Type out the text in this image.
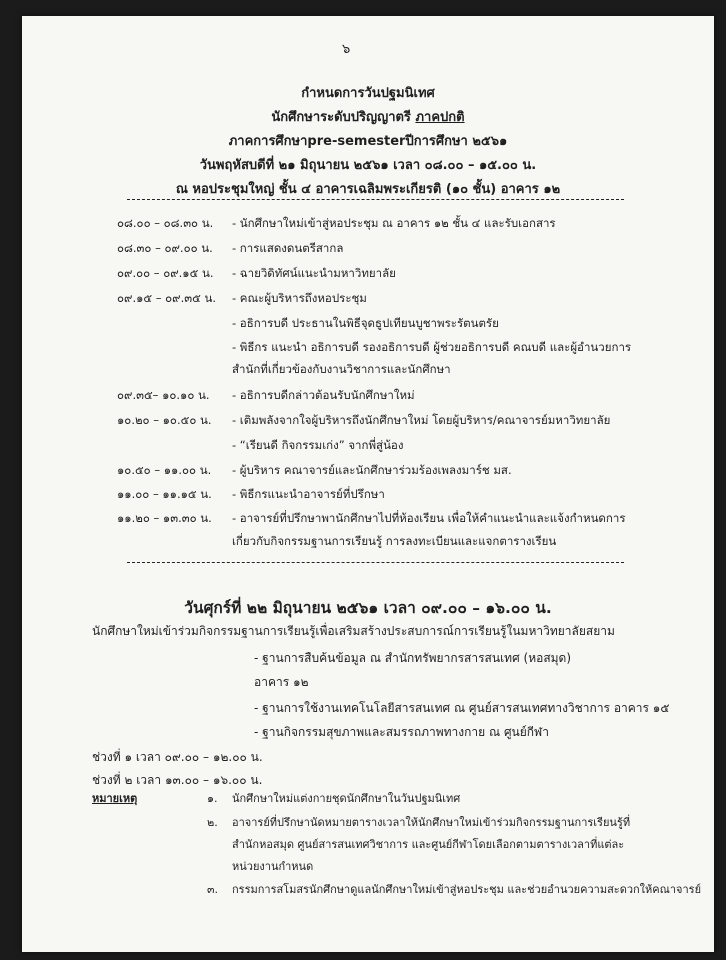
๖
กำหนดการวันปฐมนิเทศ
นักศึกษาระดับปริญญาตรี ภาคปกติ
ภาคการศึกษาpre-semesterปีการศึกษา ๒๕๖๑
วันพฤหัสบดีที่ ๒๑ มิถุนายน ๒๕๖๑ เวลา ๐๘.๐๐ – ๑๕.๐๐ น.
ณ หอประชุมใหญ่ ชั้น ๔ อาคารเฉลิมพระเกียรติ (๑๐ ชั้น) อาคาร ๑๒
๐๘.๐๐ – ๐๘.๓๐ น. - นักศึกษาใหม่เข้าสู่หอประชุม ณ อาคาร ๑๒ ชั้น ๔ และรับเอกสาร
๐๘.๓๐ – ๐๙.๐๐ น. - การแสดงดนตรีสากล
๐๙.๐๐ – ๐๙.๑๕ น. - ฉายวิดิทัศน์แนะนำมหาวิทยาลัย
๐๙.๑๕ – ๐๙.๓๕ น. - คณะผู้บริหารถึงหอประชุม
- อธิการบดี ประธานในพิธีจุดธูปเทียนบูชาพระรัตนตรัย
- พิธีกร แนะนำ อธิการบดี รองอธิการบดี ผู้ช่วยอธิการบดี คณบดี และผู้อำนวยการ
สำนักที่เกี่ยวข้องกับงานวิชาการและนักศึกษา
๐๙.๓๕– ๑๐.๑๐ น. - อธิการบดีกล่าวต้อนรับนักศึกษาใหม่
๑๐.๒๐ – ๑๐.๕๐ น. - เติมพลังจากใจผู้บริหารถึงนักศึกษาใหม่ โดยผู้บริหาร/คณาจารย์มหาวิทยาลัย
- “เรียนดี กิจกรรมเก่ง” จากพี่สู่น้อง
๑๐.๕๐ – ๑๑.๐๐ น. - ผู้บริหาร คณาจารย์และนักศึกษาร่วมร้องเพลงมาร์ช มส.
๑๑.๐๐ – ๑๑.๑๕ น. - พิธีกรแนะนำอาจารย์ที่ปรึกษา
๑๑.๒๐ – ๑๓.๓๐ น. - อาจารย์ที่ปรึกษาพานักศึกษาไปที่ห้องเรียน เพื่อให้คำแนะนำและแจ้งกำหนดการ
เกี่ยวกับกิจกรรมฐานการเรียนรู้ การลงทะเบียนและแจกตารางเรียน
วันศุกร์ที่ ๒๒ มิถุนายน ๒๕๖๑ เวลา ๐๙.๐๐ – ๑๖.๐๐ น.
นักศึกษาใหม่เข้าร่วมกิจกรรมฐานการเรียนรู้เพื่อเสริมสร้างประสบการณ์การเรียนรู้ในมหาวิทยาลัยสยาม
- ฐานการสืบค้นข้อมูล ณ สำนักทรัพยากรสารสนเทศ (หอสมุด)
อาคาร ๑๒
- ฐานการใช้งานเทคโนโลยีสารสนเทศ ณ ศูนย์สารสนเทศทางวิชาการ อาคาร ๑๕
- ฐานกิจกรรมสุขภาพและสมรรถภาพทางกาย ณ ศูนย์กีฬา
ช่วงที่ ๑ เวลา ๐๙.๐๐ – ๑๒.๐๐ น.
ช่วงที่ ๒ เวลา ๑๓.๐๐ – ๑๖.๐๐ น.
หมายเหตุ	๑. นักศึกษาใหม่แต่งกายชุดนักศึกษาในวันปฐมนิเทศ
๒. อาจารย์ที่ปรึกษานัดหมายตารางเวลาให้นักศึกษาใหม่เข้าร่วมกิจกรรมฐานการเรียนรู้ที่
สำนักหอสมุด ศูนย์สารสนเทศวิชาการ และศูนย์กีฬาโดยเลือกตามตารางเวลาที่แต่ละ
หน่วยงานกำหนด
๓. กรรมการสโมสรนักศึกษาดูแลนักศึกษาใหม่เข้าสู่หอประชุม และช่วยอำนวยความสะดวกให้คณาจารย์
